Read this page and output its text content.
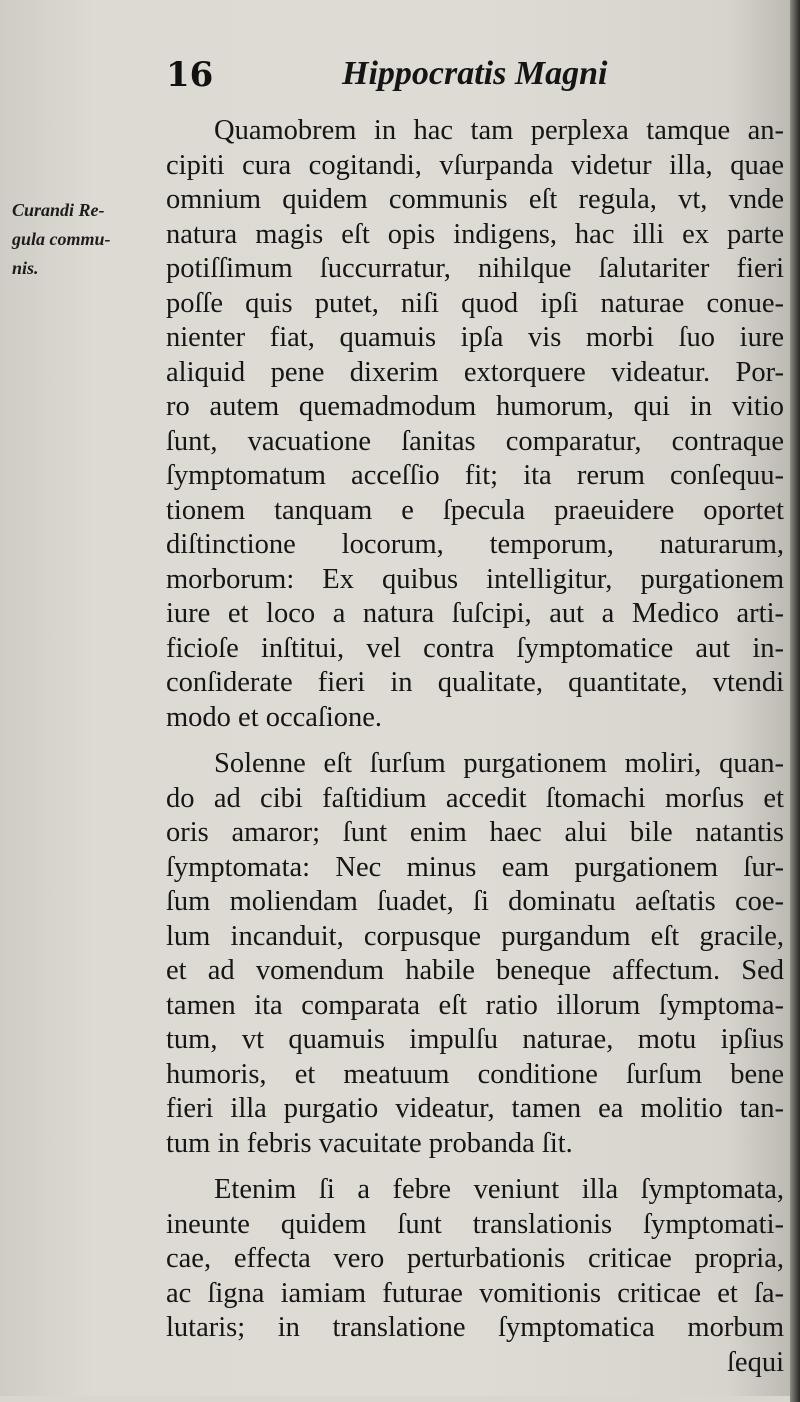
16	Hippocratis Magni
Curandi Re-
gula commu-
nis.
Quamobrem in hac tam perplexa tamque an-
cipiti cura cogitandi, vſurpanda videtur illa, quae
omnium quidem communis eſt regula, vt, vnde
natura magis eſt opis indigens, hac illi ex parte
potiſſimum ſuccurratur, nihilque ſalutariter fieri
poſſe quis putet, niſi quod ipſi naturae conue-
nienter fiat, quamuis ipſa vis morbi ſuo iure
aliquid pene dixerim extorquere videatur. Por-
ro autem quemadmodum humorum, qui in vitio
ſunt, vacuatione ſanitas comparatur, contraque
ſymptomatum acceſſio fit; ita rerum conſequu-
tionem tanquam e ſpecula praeuidere oportet
diſtinctione locorum, temporum, naturarum,
morborum: Ex quibus intelligitur, purgationem
iure et loco a natura ſuſcipi, aut a Medico arti-
ficioſe inſtitui, vel contra ſymptomatice aut in-
conſiderate fieri in qualitate, quantitate, vtendi
modo et occaſione.
Solenne eſt ſurſum purgationem moliri, quan-
do ad cibi faſtidium accedit ſtomachi morſus et
oris amaror; ſunt enim haec alui bile natantis
ſymptomata: Nec minus eam purgationem ſur-
ſum moliendam ſuadet, ſi dominatu aeſtatis coe-
lum incanduit, corpusque purgandum eſt gracile,
et ad vomendum habile beneque affectum. Sed
tamen ita comparata eſt ratio illorum ſymptoma-
tum, vt quamuis impulſu naturae, motu ipſius
humoris, et meatuum conditione ſurſum bene
fieri illa purgatio videatur, tamen ea molitio tan-
tum in febris vacuitate probanda ſit.
Etenim ſi a febre veniunt illa ſymptomata,
ineunte quidem ſunt translationis ſymptomati-
cae, effecta vero perturbationis criticae propria,
ac ſigna iamiam futurae vomitionis criticae et ſa-
lutaris; in translatione ſymptomatica morbum
ſequi
